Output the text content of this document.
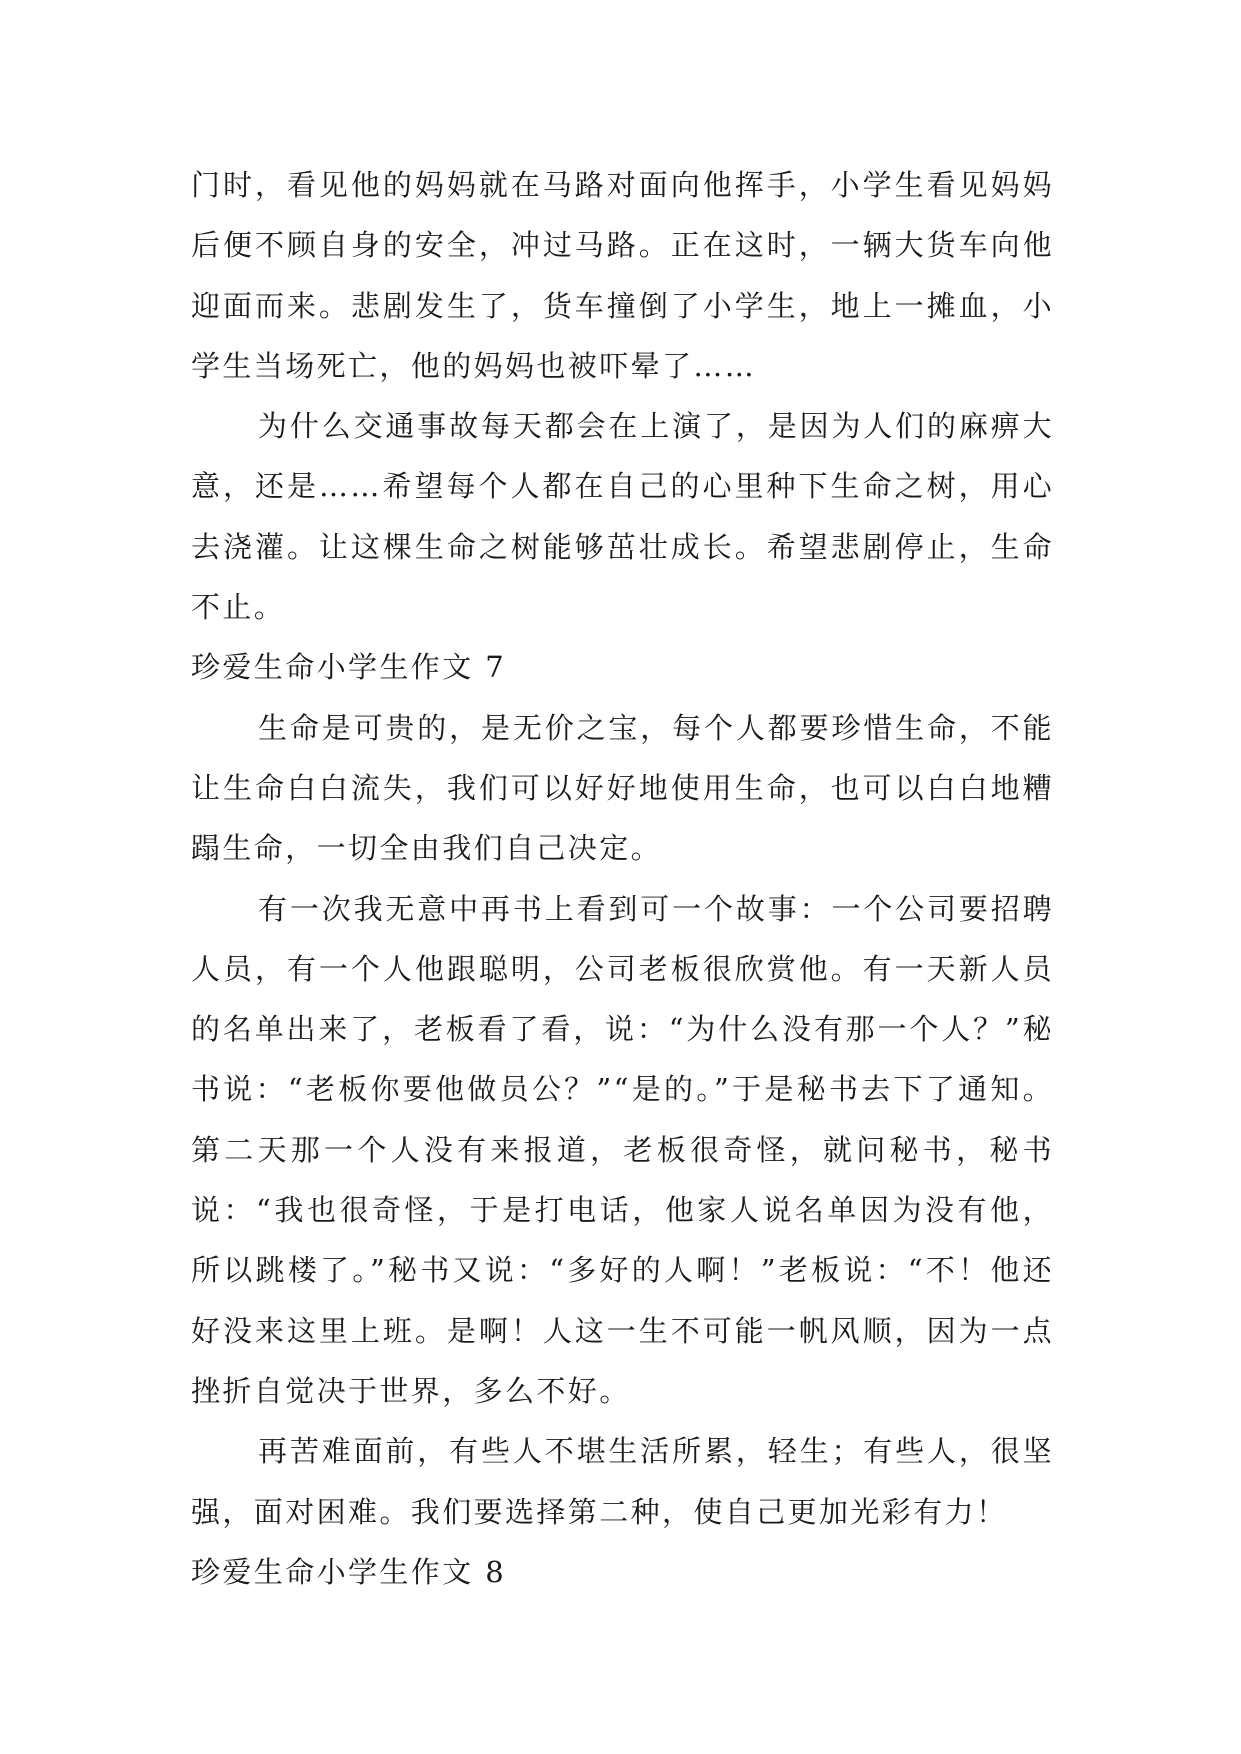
门时，看见他的妈妈就在马路对面向他挥手，小学生看见妈妈后便不顾自身的安全，冲过马路。正在这时，一辆大货车向他迎面而来。悲剧发生了，货车撞倒了小学生，地上一摊血，小学生当场死亡，他的妈妈也被吓晕了……

为什么交通事故每天都会在上演了，是因为人们的麻痹大意，还是……希望每个人都在自己的心里种下生命之树，用心去浇灌。让这棵生命之树能够茁壮成长。希望悲剧停止，生命不止。

珍爱生命小学生作文 7

生命是可贵的，是无价之宝，每个人都要珍惜生命，不能让生命白白流失，我们可以好好地使用生命，也可以白白地糟蹋生命，一切全由我们自己决定。

有一次我无意中再书上看到可一个故事：一个公司要招聘人员，有一个人他跟聪明，公司老板很欣赏他。有一天新人员的名单出来了，老板看了看，说：“为什么没有那一个人？”秘书说：“老板你要他做员公？”“是的。”于是秘书去下了通知。第二天那一个人没有来报道，老板很奇怪，就问秘书，秘书说：“我也很奇怪，于是打电话，他家人说名单因为没有他，所以跳楼了。”秘书又说：“多好的人啊！”老板说：“不！他还好没来这里上班。是啊！人这一生不可能一帆风顺，因为一点挫折自觉决于世界，多么不好。

再苦难面前，有些人不堪生活所累，轻生；有些人，很坚强，面对困难。我们要选择第二种，使自己更加光彩有力！

珍爱生命小学生作文 8
